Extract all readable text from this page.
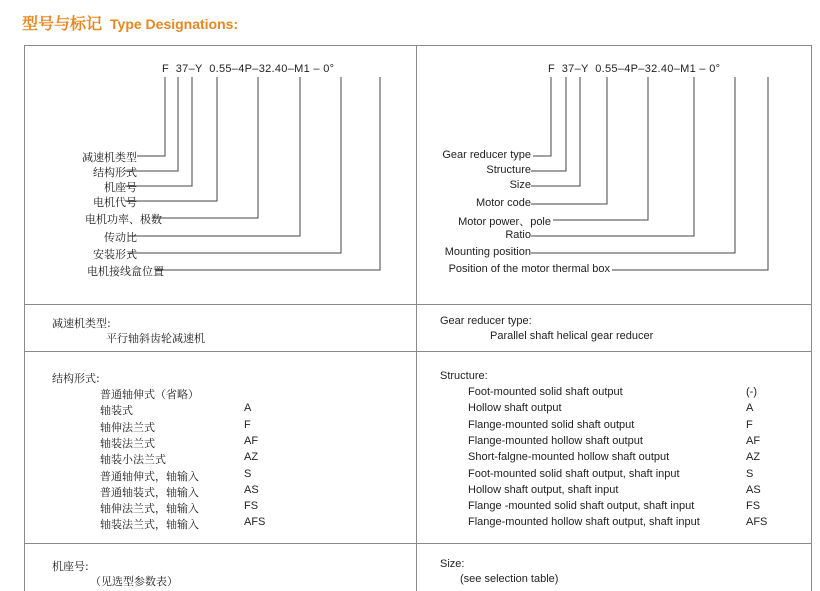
型号与标记 Type Designations:
F 37–Y 0.55–4P–32.40–M1 – 0°	F 37–Y 0.55–4P–32.40–M1 – 0°
减速机类型
结构形式
机座号
电机代号
电机功率、极数
传动比
安装形式
电机接线盒位置
Gear reducer type
Structure
Size
Motor code
Motor power、pole
Ratio
Mounting position
Position of the motor thermal box
减速机类型:
平行轴斜齿轮减速机
Gear reducer type:
Parallel shaft helical gear reducer
结构形式:	Structure:
普通轴伸式（省略）
轴装式	A
轴伸法兰式	F
轴装法兰式	AF
轴装小法兰式	AZ
普通轴伸式，轴输入	S
普通轴装式，轴输入	AS
轴伸法兰式，轴输入	FS
轴装法兰式，轴输入	AFS
Foot-mounted solid shaft output	(-)
Hollow shaft output	A
Flange-mounted solid shaft output	F
Flange-mounted hollow shaft output	AF
Short-falgne-mounted hollow shaft output	AZ
Foot-mounted solid shaft output, shaft input	S
Hollow shaft output, shaft input	AS
Flange -mounted solid shaft output, shaft input	FS
Flange-mounted hollow shaft output, shaft input	AFS
机座号:
（见选型参数表）
Size:
(see selection table)
